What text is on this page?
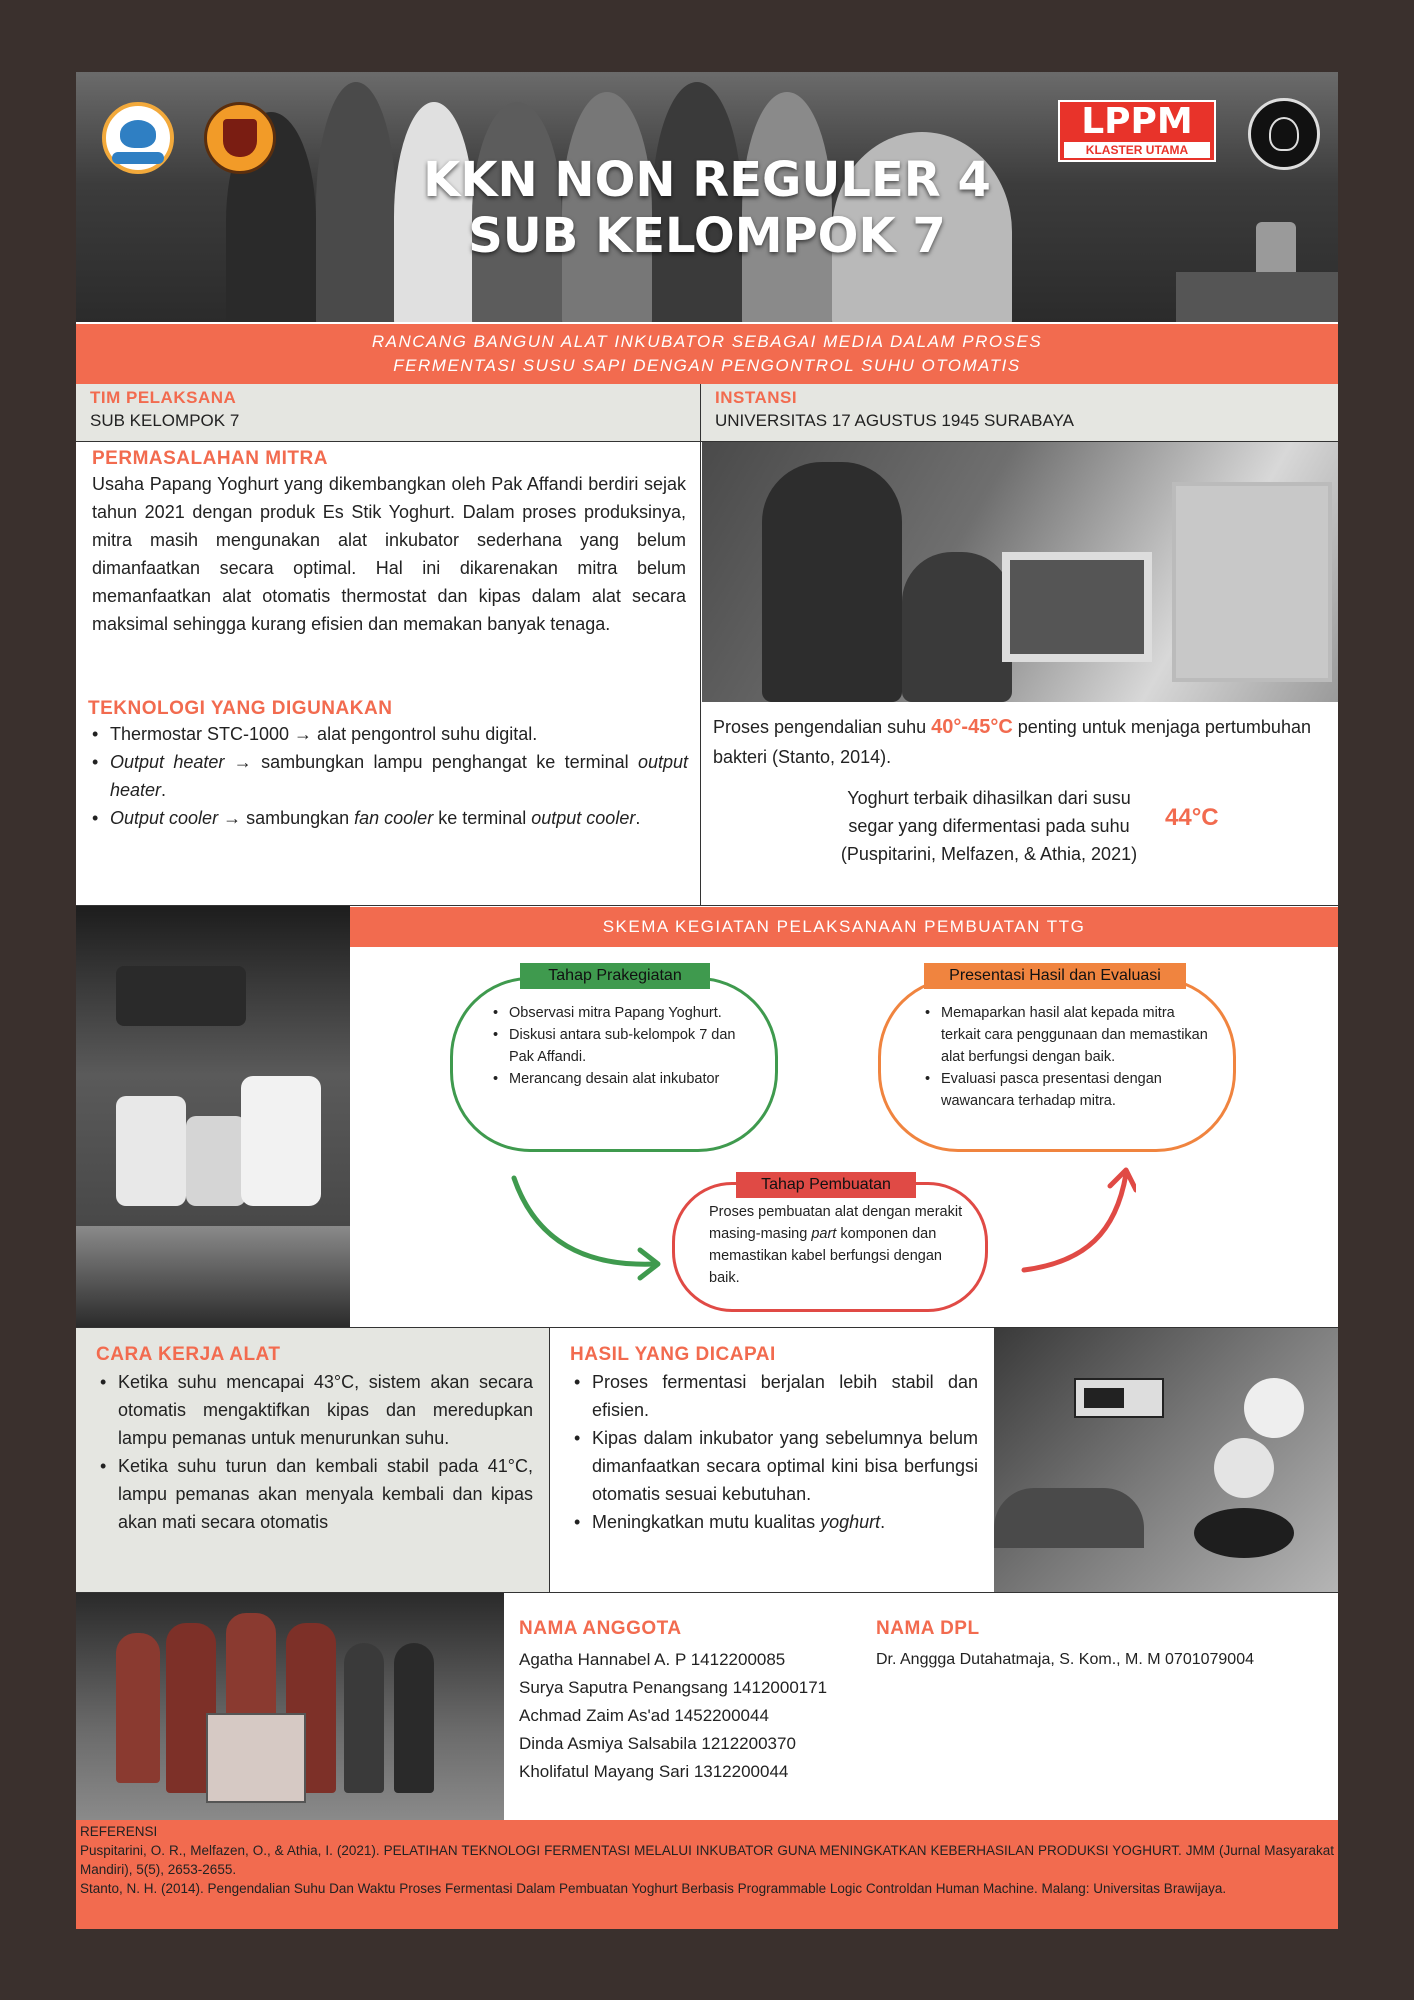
KKN NON REGULER 4
SUB KELOMPOK 7
LPPM
KLASTER UTAMA
RANCANG BANGUN ALAT INKUBATOR SEBAGAI MEDIA DALAM PROSES
FERMENTASI SUSU SAPI DENGAN PENGONTROL SUHU OTOMATIS
TIM PELAKSANA
SUB KELOMPOK 7
INSTANSI
UNIVERSITAS 17 AGUSTUS 1945 SURABAYA
PERMASALAHAN MITRA

Usaha Papang Yoghurt yang dikembangkan oleh Pak Affandi berdiri sejak tahun 2021 dengan produk Es Stik Yoghurt. Dalam proses produksinya, mitra masih mengunakan alat inkubator sederhana yang belum dimanfaatkan secara optimal. Hal ini dikarenakan mitra belum memanfaatkan alat otomatis thermostat dan kipas dalam alat secara maksimal sehingga kurang efisien dan memakan banyak tenaga.

TEKNOLOGI YANG DIGUNAKAN
• Thermostar STC-1000 → alat pengontrol suhu digital.
• Output heater → sambungkan lampu penghangat ke terminal output heater.
• Output cooler → sambungkan fan cooler ke terminal output cooler.

Proses pengendalian suhu 40°-45°C penting untuk menjaga pertumbuhan bakteri (Stanto, 2014).

Yoghurt terbaik dihasilkan dari susu
segar yang difermentasi pada suhu
(Puspitarini, Melfazen, & Athia, 2021)
44°C
SKEMA KEGIATAN PELAKSANAAN PEMBUATAN TTG
• Observasi mitra Papang Yoghurt.
• Diskusi antara sub-kelompok 7 dan Pak Affandi.
• Merancang desain alat inkubator
Tahap Prakegiatan
• Memaparkan hasil alat kepada mitra terkait cara penggunaan dan memastikan alat berfungsi dengan baik.
• Evaluasi pasca presentasi dengan wawancara terhadap mitra.
Presentasi Hasil dan Evaluasi

Proses pembuatan alat dengan merakit masing-masing part komponen dan memastikan kabel berfungsi dengan baik.

Tahap Pembuatan
CARA KERJA ALAT
• Ketika suhu mencapai 43°C, sistem akan secara otomatis mengaktifkan kipas dan meredupkan lampu pemanas untuk menurunkan suhu.
• Ketika suhu turun dan kembali stabil pada 41°C, lampu pemanas akan menyala kembali dan kipas akan mati secara otomatis
HASIL YANG DICAPAI
• Proses fermentasi berjalan lebih stabil dan efisien.
• Kipas dalam inkubator yang sebelumnya belum dimanfaatkan secara optimal kini bisa berfungsi otomatis sesuai kebutuhan.
• Meningkatkan mutu kualitas yoghurt.
NAMA ANGGOTA
Agatha Hannabel A. P 1412200085
Surya Saputra Penangsang 1412000171
Achmad Zaim As'ad 1452200044
Dinda Asmiya Salsabila 1212200370
Kholifatul Mayang Sari 1312200044
NAMA DPL
Dr. Anggga Dutahatmaja, S. Kom., M. M 0701079004
REFERENSI
Puspitarini, O. R., Melfazen, O., & Athia, I. (2021). PELATIHAN TEKNOLOGI FERMENTASI MELALUI INKUBATOR GUNA MENINGKATKAN KEBERHASILAN PRODUKSI YOGHURT. JMM (Jurnal Masyarakat Mandiri), 5(5), 2653-2655.
Stanto, N. H. (2014). Pengendalian Suhu Dan Waktu Proses Fermentasi Dalam Pembuatan Yoghurt Berbasis Programmable Logic Controldan Human Machine. Malang: Universitas Brawijaya.
